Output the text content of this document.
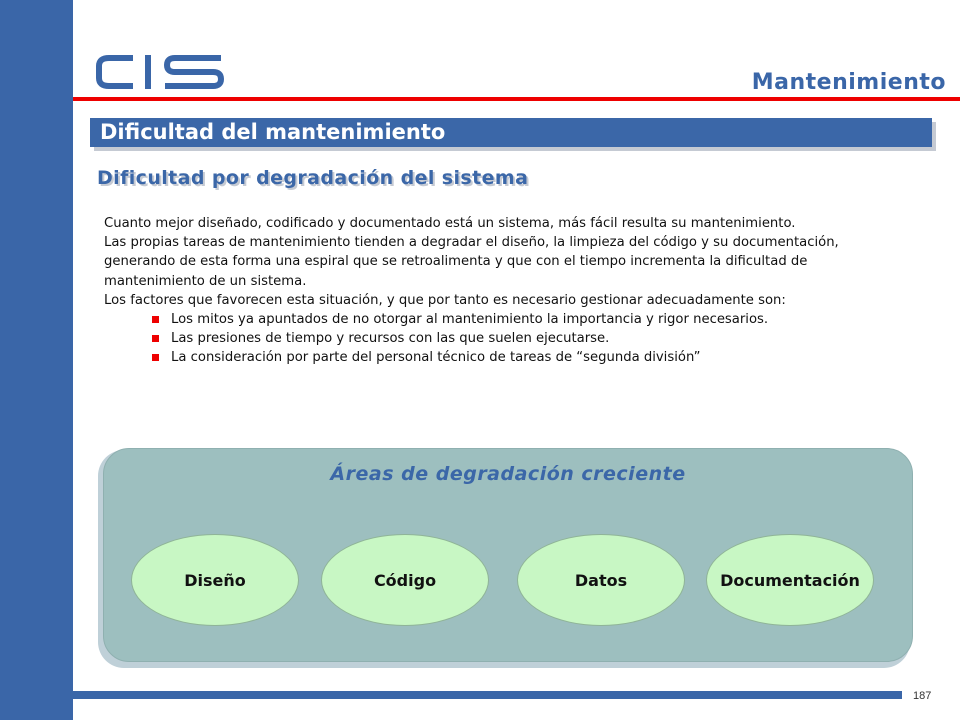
Mantenimiento
Dificultad del mantenimiento
Dificultad por degradación del sistema

Cuanto mejor diseñado, codificado y documentado está un sistema, más fácil resulta su mantenimiento.

Las propias tareas de mantenimiento tienden a degradar el diseño, la limpieza del código y su documentación, generando de esta forma una espiral que se retroalimenta y que con el tiempo incrementa la dificultad de mantenimiento de un sistema.

Los factores que favorecen esta situación, y que por tanto es necesario gestionar adecuadamente son:

Los mitos ya apuntados de no otorgar al mantenimiento la importancia y rigor necesarios.
Las presiones de tiempo y recursos con las que suelen ejecutarse.
La consideración por parte del personal técnico de tareas de “segunda división”
Áreas de degradación creciente
Diseño	Código	Datos	Documentación
187
